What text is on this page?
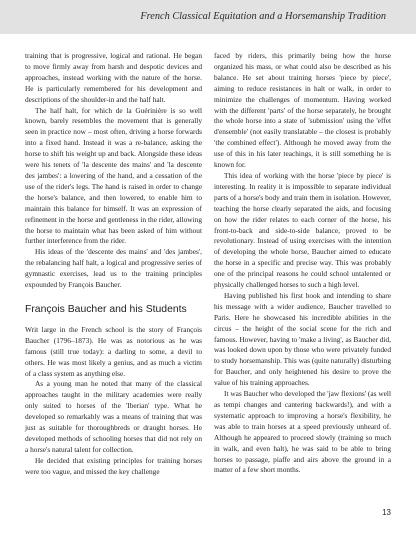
French Classical Equitation and a Horsemanship Tradition

training that is progressive, logical and rational. He began to move firmly away from harsh and despotic devices and approaches, instead working with the nature of the horse. He is particularly remembered for his development and descriptions of the shoulder-in and the half halt.

The half halt, for which de la Guérinière is so well known, barely resembles the movement that is generally seen in practice now – most often, driving a horse forwards into a fixed hand. Instead it was a re-balance, asking the horse to shift his weight up and back. Alongside these ideas were his tenets of 'la descente des mains' and 'la descente des jambes': a lowering of the hand, and a cessation of the use of the rider's legs. The hand is raised in order to change the horse's balance, and then lowered, to enable him to maintain this balance for himself. It was an expression of refinement in the horse and gentleness in the rider, allowing the horse to maintain what has been asked of him without further interference from the rider.

His ideas of the 'descente des mains' and 'des jambes', the rebalancing half halt, a logical and progressive series of gymnastic exercises, lead us to the training principles expounded by François Baucher.

François Baucher and his Students

Writ large in the French school is the story of François Baucher (1796–1873). He was as notorious as he was famous (still true today): a darling to some, a devil to others. He was most likely a genius, and as much a victim of a class system as anything else.

As a young man he noted that many of the classical approaches taught in the military academies were really only suited to horses of the 'Iberian' type. What he developed so remarkably was a means of training that was just as suitable for thoroughbreds or draught horses. He developed methods of schooling horses that did not rely on a horse's natural talent for collection.

He decided that existing principles for training horses were too vague, and missed the key challenge

faced by riders, this primarily being how the horse organized his mass, or what could also be described as his balance. He set about training horses 'piece by piece', aiming to reduce resistances in halt or walk, in order to minimize the challenges of momentum. Having worked with the different 'parts' of the horse separately, he brought the whole horse into a state of 'submission' using the 'effet d'ensemble' (not easily translatable – the closest is probably 'the combined effect'). Although he moved away from the use of this in his later teachings, it is still something he is known for.

This idea of working with the horse 'piece by piece' is interesting. In reality it is impossible to separate individual parts of a horse's body and train them in isolation. However, teaching the horse clearly separated the aids, and focusing on how the rider relates to each corner of the horse, his front-to-back and side-to-side balance, proved to be revolutionary. Instead of using exercises with the intention of developing the whole horse, Baucher aimed to educate the horse in a specific and precise way. This was probably one of the principal reasons he could school untalented or physically challenged horses to such a high level.

Having published his first book and intending to share his message with a wider audience, Baucher travelled to Paris. Here he showcased his incredible abilities in the circus – the height of the social scene for the rich and famous. However, having to 'make a living', as Baucher did, was looked down upon by those who were privately funded to study horsemanship. This was (quite naturally) disturbing for Baucher, and only heightened his desire to prove the value of his training approaches.

It was Baucher who developed the 'jaw flexions' (as well as tempi changes and cantering backwards!), and with a systematic approach to improving a horse's flexibility, he was able to train horses at a speed previously unheard of. Although he appeared to proceed slowly (training so much in walk, and even halt), he was said to be able to bring horses to passage, piaffe and airs above the ground in a matter of a few short months.

13
